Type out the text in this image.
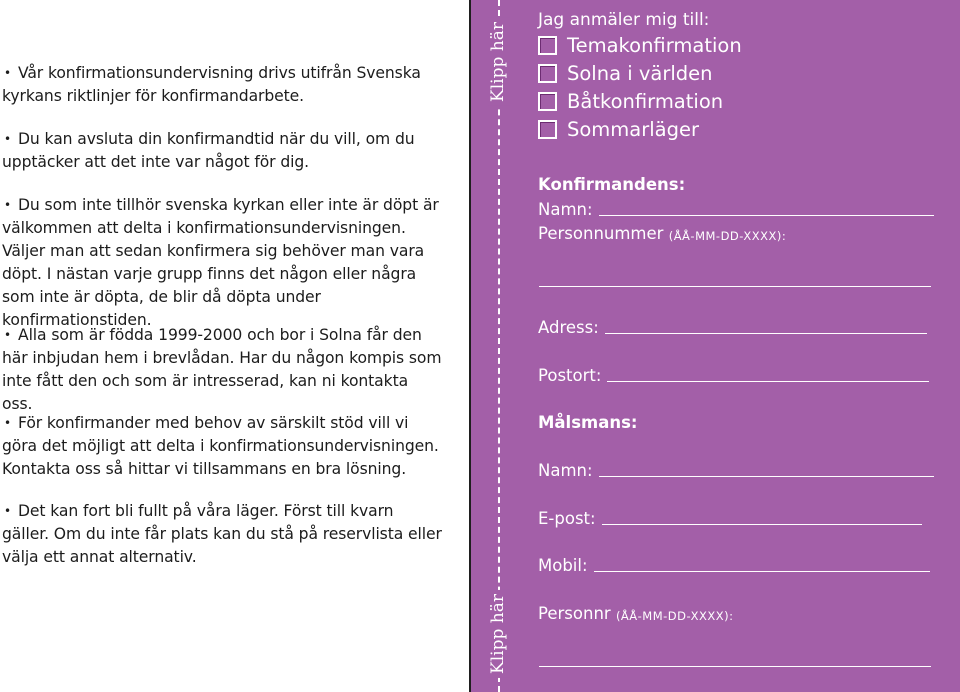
• Vår konfirmationsundervisning drivs utifrån Svenska kyrkans riktlinjer för konfirmandarbete.
• Du kan avsluta din konfirmandtid när du vill, om du upptäcker att det inte var något för dig.
• Du som inte tillhör svenska kyrkan eller inte är döpt är välkommen att delta i konfirmationsundervisningen. Väljer man att sedan konfirmera sig behöver man vara döpt. I nästan varje grupp finns det någon eller några som inte är döpta, de blir då döpta under konfirmationstiden.
• Alla som är födda 1999-2000 och bor i Solna får den här inbjudan hem i brevlådan. Har du någon kompis som inte fått den och som är intresserad, kan ni kontakta oss.
• För konfirmander med behov av särskilt stöd vill vi göra det möjligt att delta i konfirmationsundervisningen. Kontakta oss så hittar vi tillsammans en bra lösning.
• Det kan fort bli fullt på våra läger. Först till kvarn gäller. Om du inte får plats kan du stå på reservlista eller välja ett annat alternativ.
Klipp här
Klipp här
Jag anmäler mig till:
Temakonfirmation
Solna i världen
Båtkonfirmation
Sommarläger
Konfirmandens:
Namn:
Personnummer
(ÅÅ-MM-DD-XXXX):
Adress:
Postort:
Målsmans:
Namn:
E-post:
Mobil:
Personnr
(ÅÅ-MM-DD-XXXX):
